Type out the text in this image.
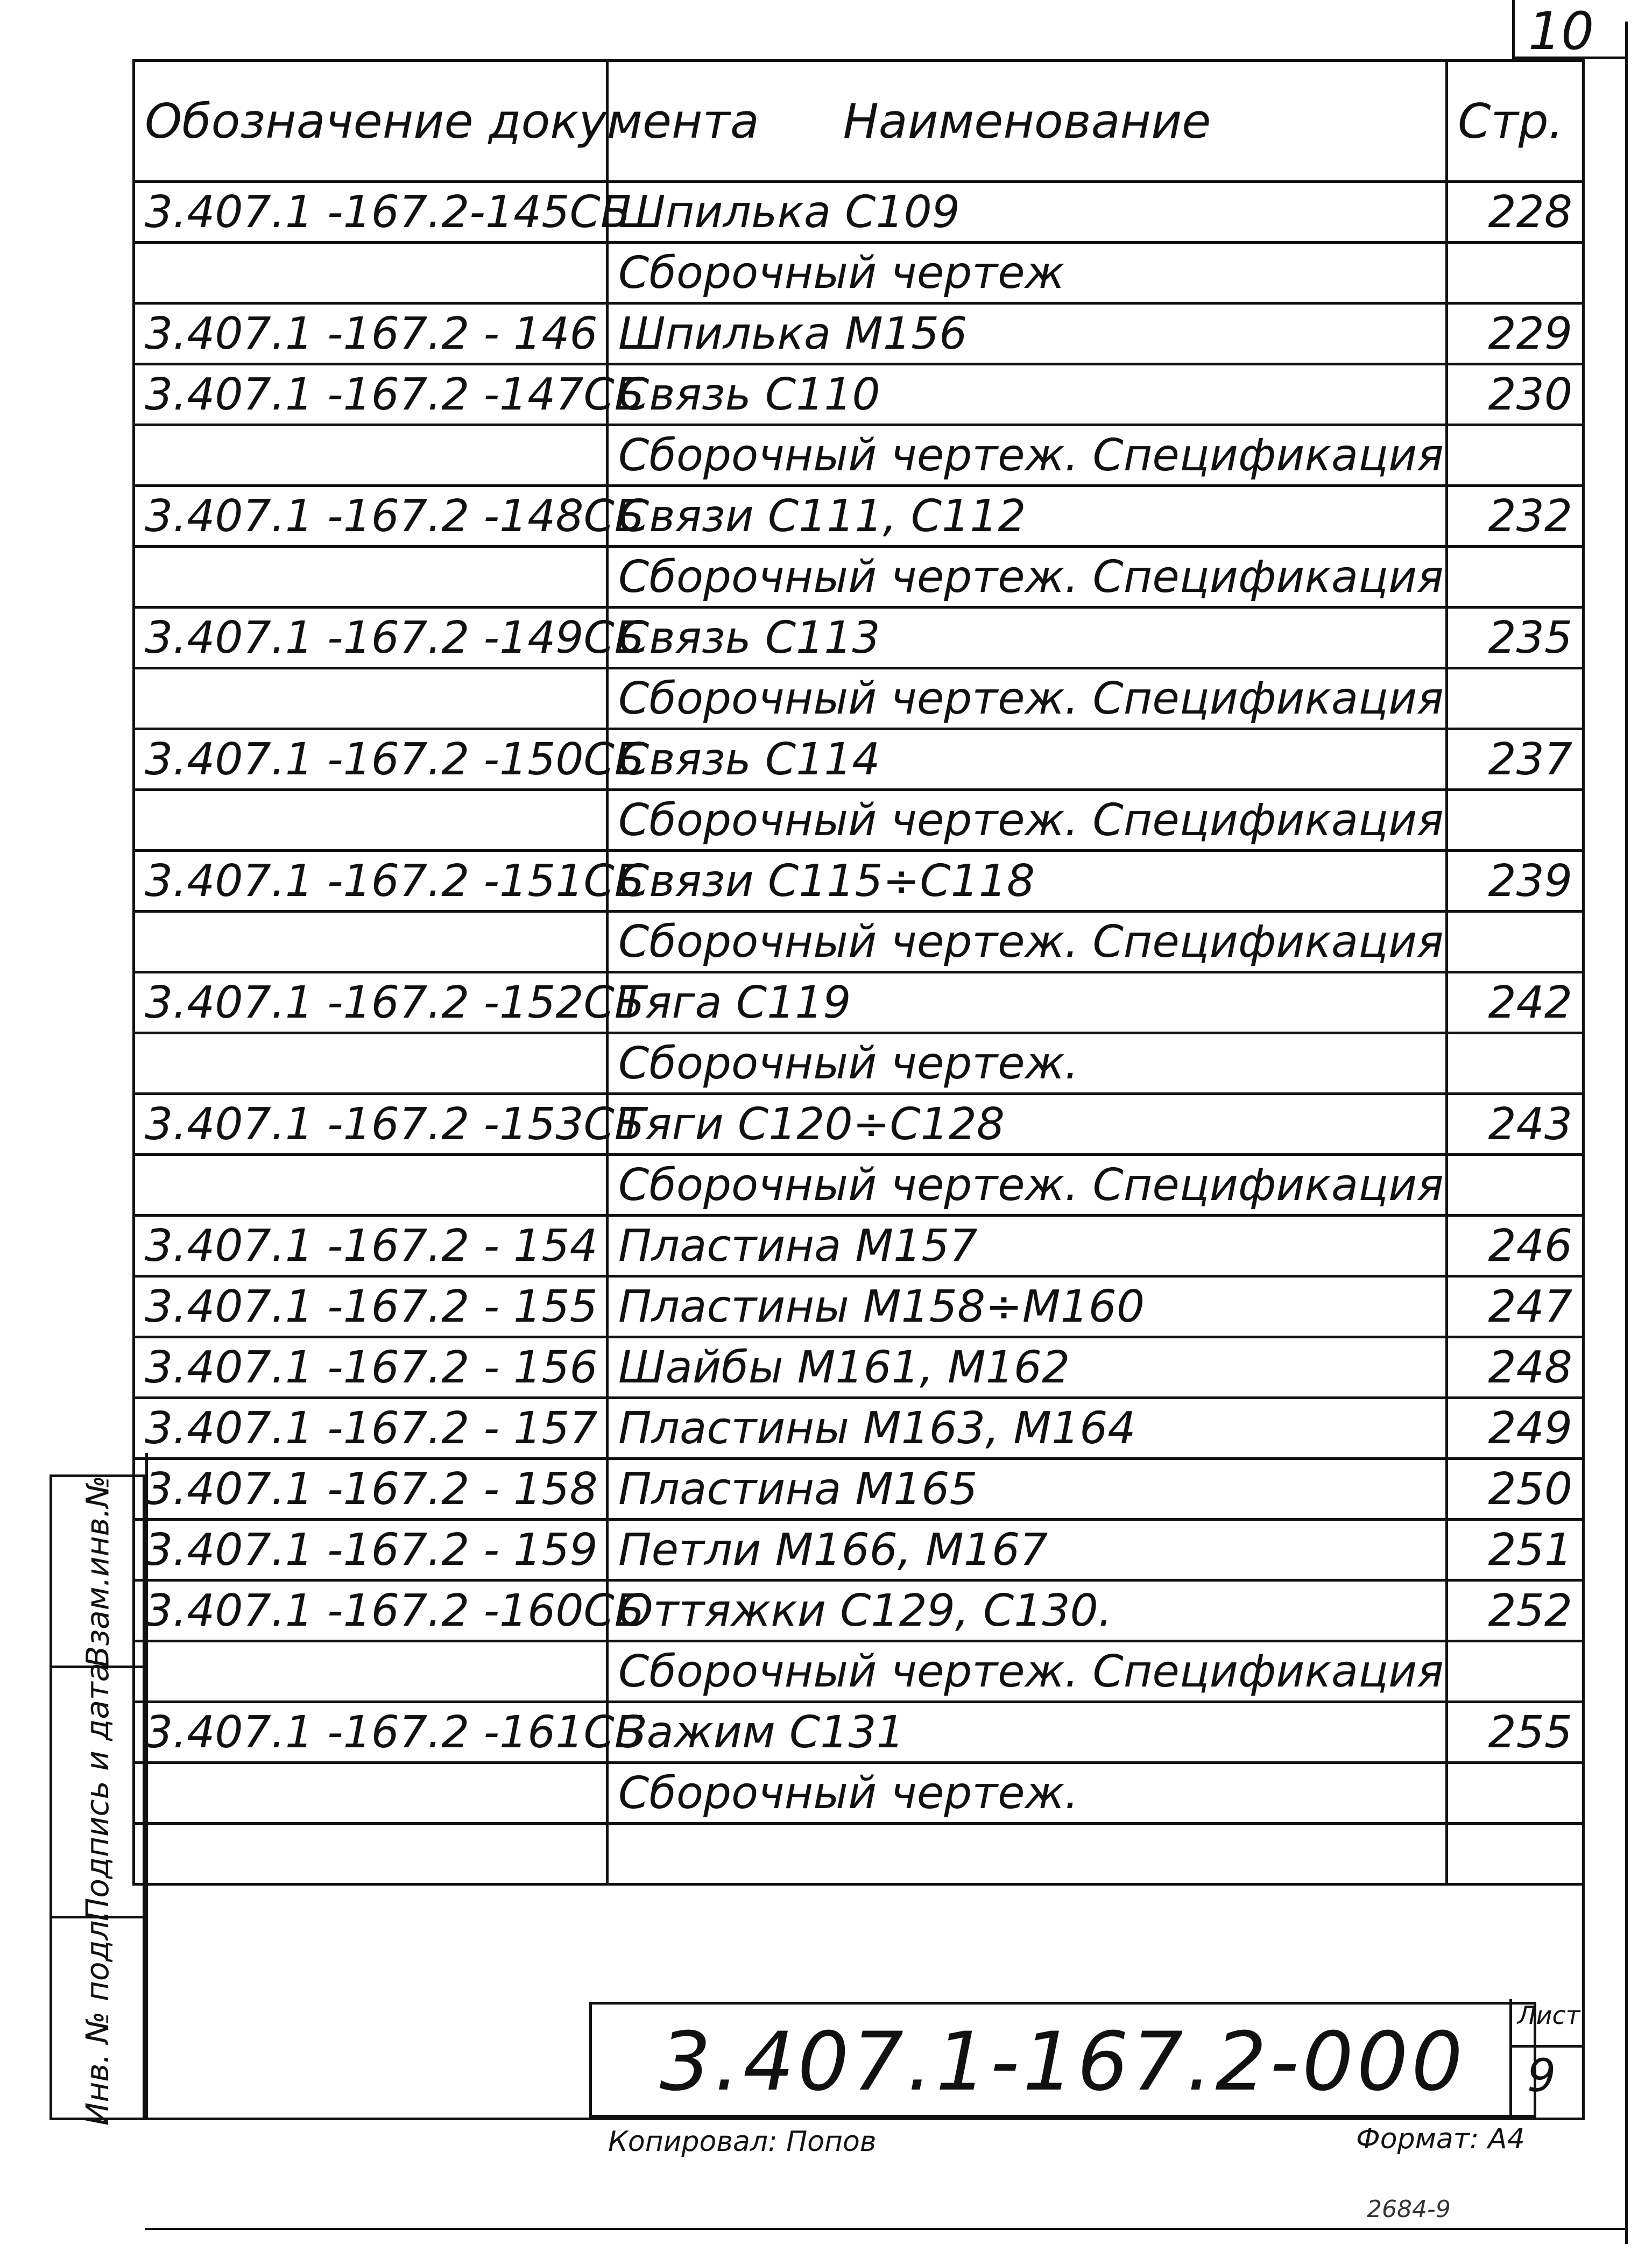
10
Обозначение документа	Наименование	Стр.
3.407.1 -167.2-145СБ	Шпилька С109	228
	Сборочный чертеж	
3.407.1 -167.2 - 146	Шпилька М156	229
3.407.1 -167.2 -147СБ	Связь С110	230
	Сборочный чертеж. Спецификация	
3.407.1 -167.2 -148СБ	Связи С111, С112	232
	Сборочный чертеж. Спецификация	
3.407.1 -167.2 -149СБ	Связь С113	235
	Сборочный чертеж. Спецификация	
3.407.1 -167.2 -150СБ	Связь С114	237
	Сборочный чертеж. Спецификация	
3.407.1 -167.2 -151СБ	Связи С115÷С118	239
	Сборочный чертеж. Спецификация	
3.407.1 -167.2 -152СБ	Тяга С119	242
	Сборочный чертеж.	
3.407.1 -167.2 -153СБ	Тяги С120÷С128	243
	Сборочный чертеж. Спецификация	
3.407.1 -167.2 - 154	Пластина М157	246
3.407.1 -167.2 - 155	Пластины М158÷М160	247
3.407.1 -167.2 - 156	Шайбы М161, М162	248
3.407.1 -167.2 - 157	Пластины М163, М164	249
3.407.1 -167.2 - 158	Пластина М165	250
3.407.1 -167.2 - 159	Петли М166, М167	251
3.407.1 -167.2 -160СБ	Оттяжки С129, С130.	252
	Сборочный чертеж. Спецификация	
3.407.1 -167.2 -161СБ	Зажим С131	255
	Сборочный чертеж.	

Взам.инв.№
Подпись и дата
Инв. № подл.	3.407.1-167.2-000	Лист
9
Копировал: Попов	Формат: А4
2684-9
